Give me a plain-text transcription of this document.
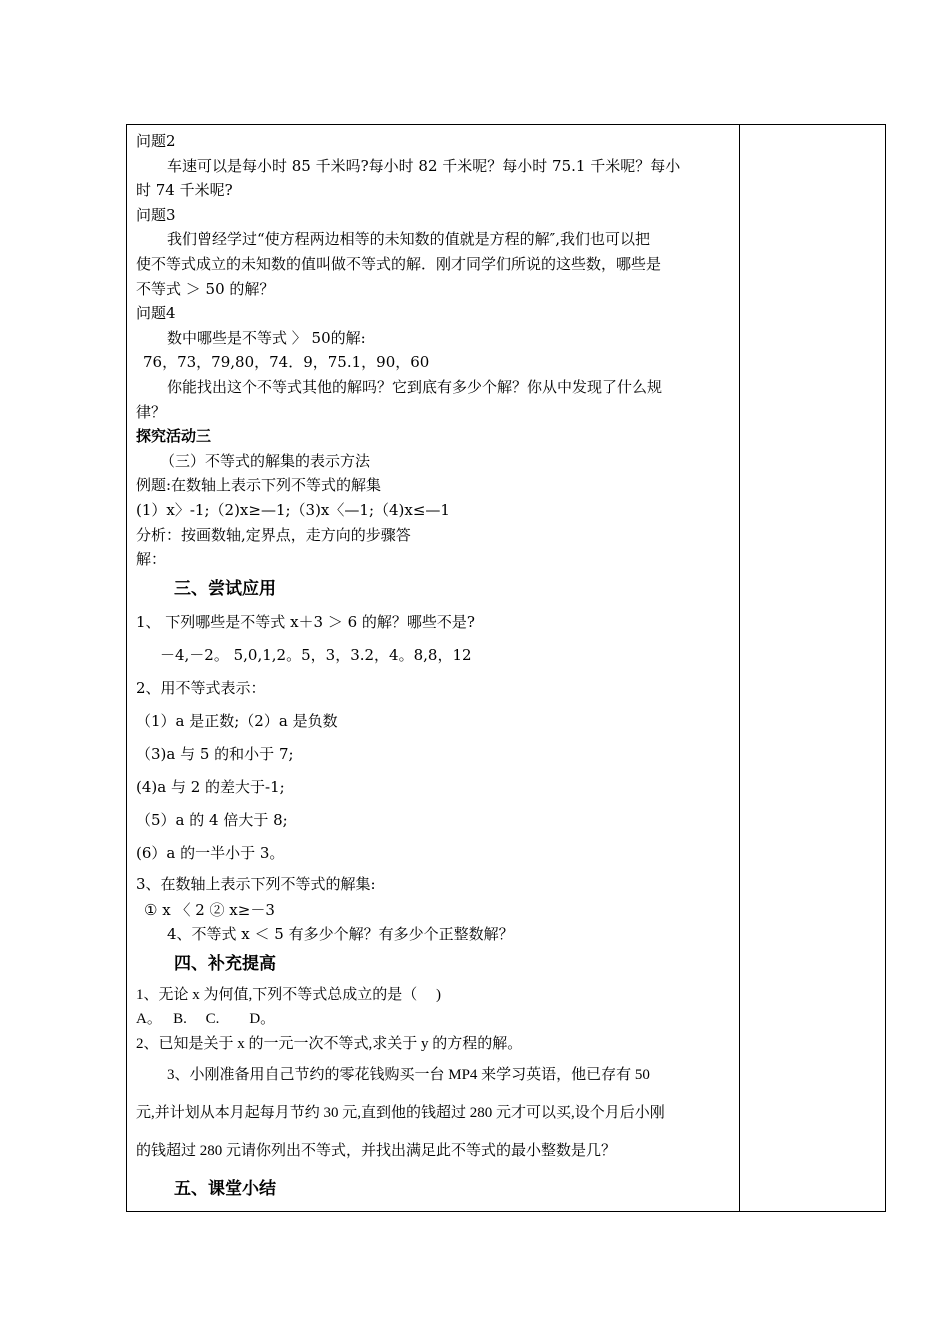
问题2
车速可以是每小时 85 千米吗?每小时 82 千米呢？每小时 75.1 千米呢？每小
时 74 千米呢?
问题3
我们曾经学过“使方程两边相等的未知数的值就是方程的解″,我们也可以把
使不等式成立的未知数的值叫做不等式的解．刚才同学们所说的这些数，哪些是
不等式 ＞ 50 的解？
问题4
数中哪些是不等式 〉 50的解:
76，73，79,80，74．9，75.1，90，60
你能找出这个不等式其他的解吗？它到底有多少个解？你从中发现了什么规
律？
探究活动三
（三）不等式的解集的表示方法
例题:在数轴上表示下列不等式的解集
(1）x〉-1;（2)x≥—1;（3)x〈—1;（4)x≤—1
分析：按画数轴,定界点，走方向的步骤答
解：
三、尝试应用
1、 下列哪些是不等式 x＋3 ＞ 6 的解？哪些不是?
－4,－2。 5,0,1,2。5，3，3.2，4。8,8，12
2、用不等式表示：
（1）a 是正数;（2）a 是负数
（3)a 与 5 的和小于 7;
(4)a 与 2 的差大于-1;
（5）a 的 4 倍大于 8;
(6）a 的一半小于 3。
3、在数轴上表示下列不等式的解集:
① x 〈 2 ② x≥－3
4、不等式 x ＜ 5 有多少个解？有多少个正整数解？
四、补充提高
1、无论 x 为何值,下列不等式总成立的是（　 )
A。　 B.　 C.　　D。
2、已知是关于 x 的一元一次不等式,求关于 y 的方程的解。
3、小刚准备用自己节约的零花钱购买一台 MP4 来学习英语，他已存有 50
元,并计划从本月起每月节约 30 元,直到他的钱超过 280 元才可以买,设个月后小刚
的钱超过 280 元请你列出不等式，并找出满足此不等式的最小整数是几？
五、课堂小结
